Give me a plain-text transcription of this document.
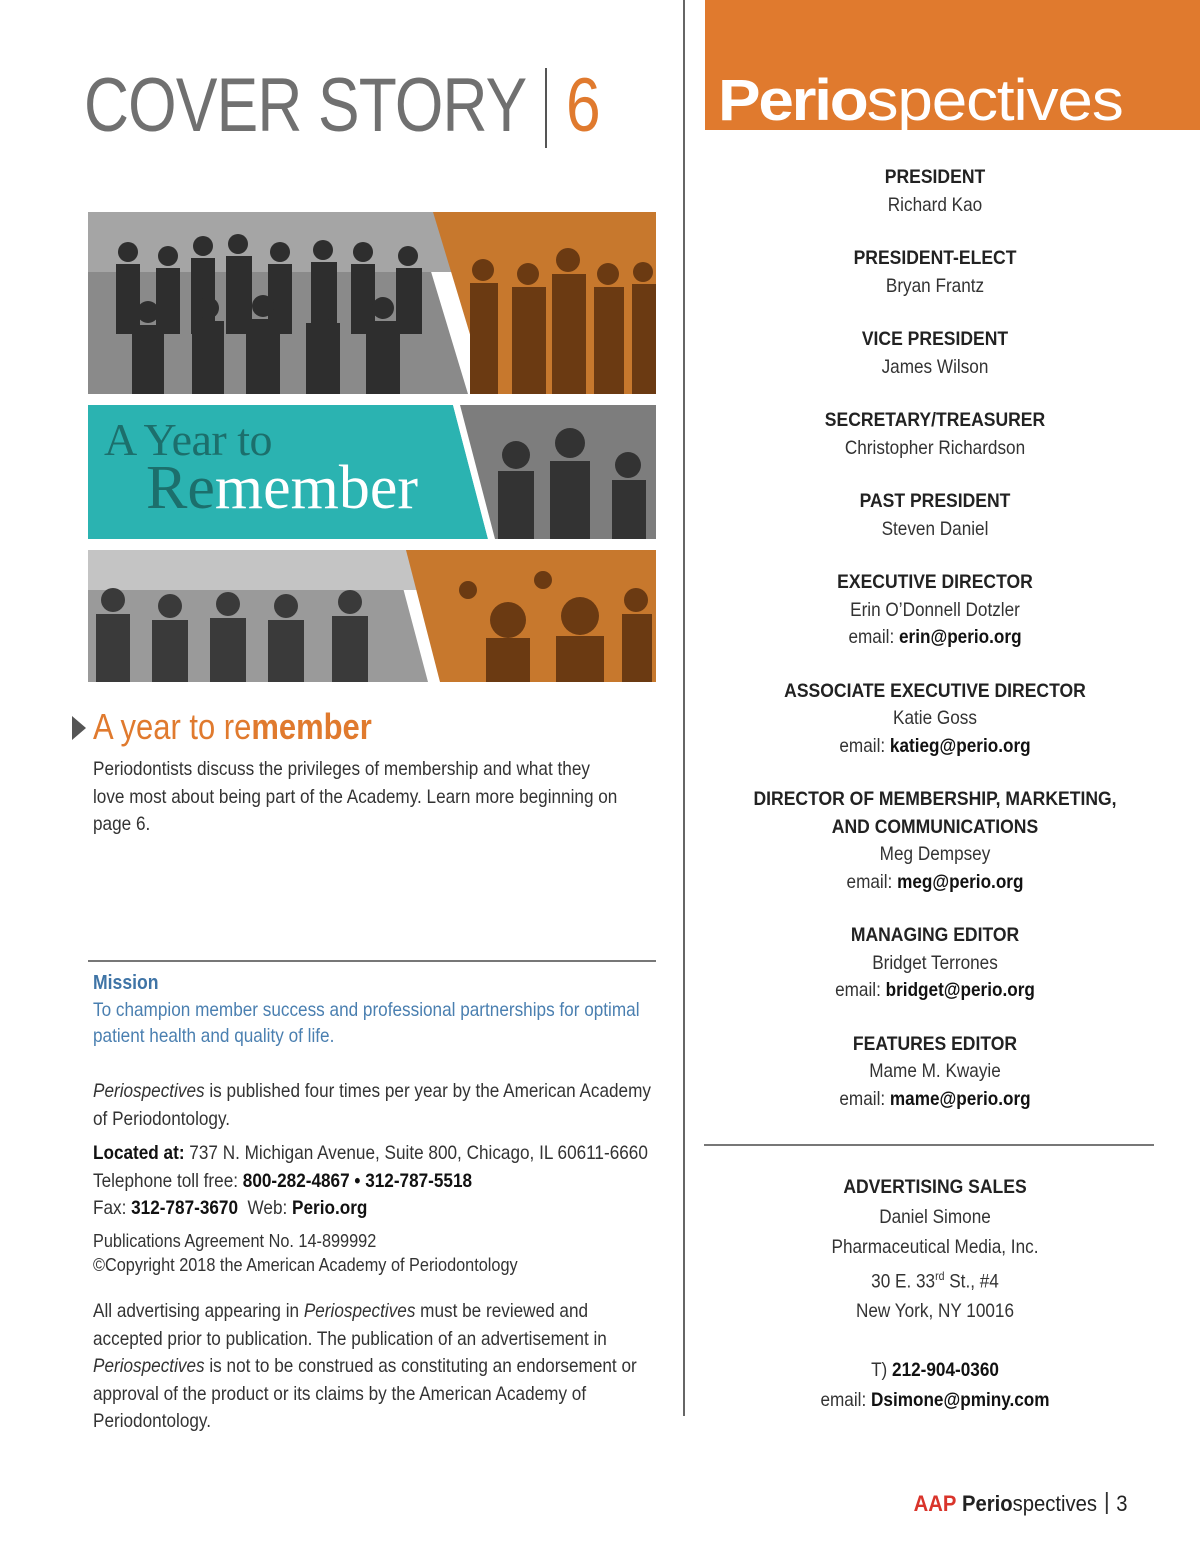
COVER STORY 6
A Year to
Remember
A year to remember
Periodontists discuss the privileges of membership and what they love most about being part of the Academy. Learn more beginning on page 6.
Mission
To champion member success and professional partnerships for optimal patient health and quality of life.
Periospectives is published four times per year by the American Academy of Periodontology.
Located at: 737 N. Michigan Avenue, Suite 800, Chicago, IL 60611-6660
Telephone toll free: 800-282-4867 • 312-787-5518
Fax: 312-787-3670  Web: Perio.org
Publications Agreement No. 14-899992
©Copyright 2018 the American Academy of Periodontology
All advertising appearing in Periospectives must be reviewed and accepted prior to publication. The publication of an advertisement in Periospectives is not to be construed as constituting an endorsement or approval of the product or its claims by the American Academy of Periodontology.
Periospectives
PRESIDENT
Richard Kao
PRESIDENT-ELECT
Bryan Frantz
VICE PRESIDENT
James Wilson
SECRETARY/TREASURER
Christopher Richardson
PAST PRESIDENT
Steven Daniel
EXECUTIVE DIRECTOR
Erin O’Donnell Dotzler
email: erin@perio.org
ASSOCIATE EXECUTIVE DIRECTOR
Katie Goss
email: katieg@perio.org
DIRECTOR OF MEMBERSHIP, MARKETING,
AND COMMUNICATIONS
Meg Dempsey
email: meg@perio.org
MANAGING EDITOR
Bridget Terrones
email: bridget@perio.org
FEATURES EDITOR
Mame M. Kwayie
email: mame@perio.org
ADVERTISING SALES
Daniel Simone
Pharmaceutical Media, Inc.
30 E. 33rd St., #4
New York, NY 10016
T) 212-904-0360
email: Dsimone@pminy.com
AAP Periospectives 3
